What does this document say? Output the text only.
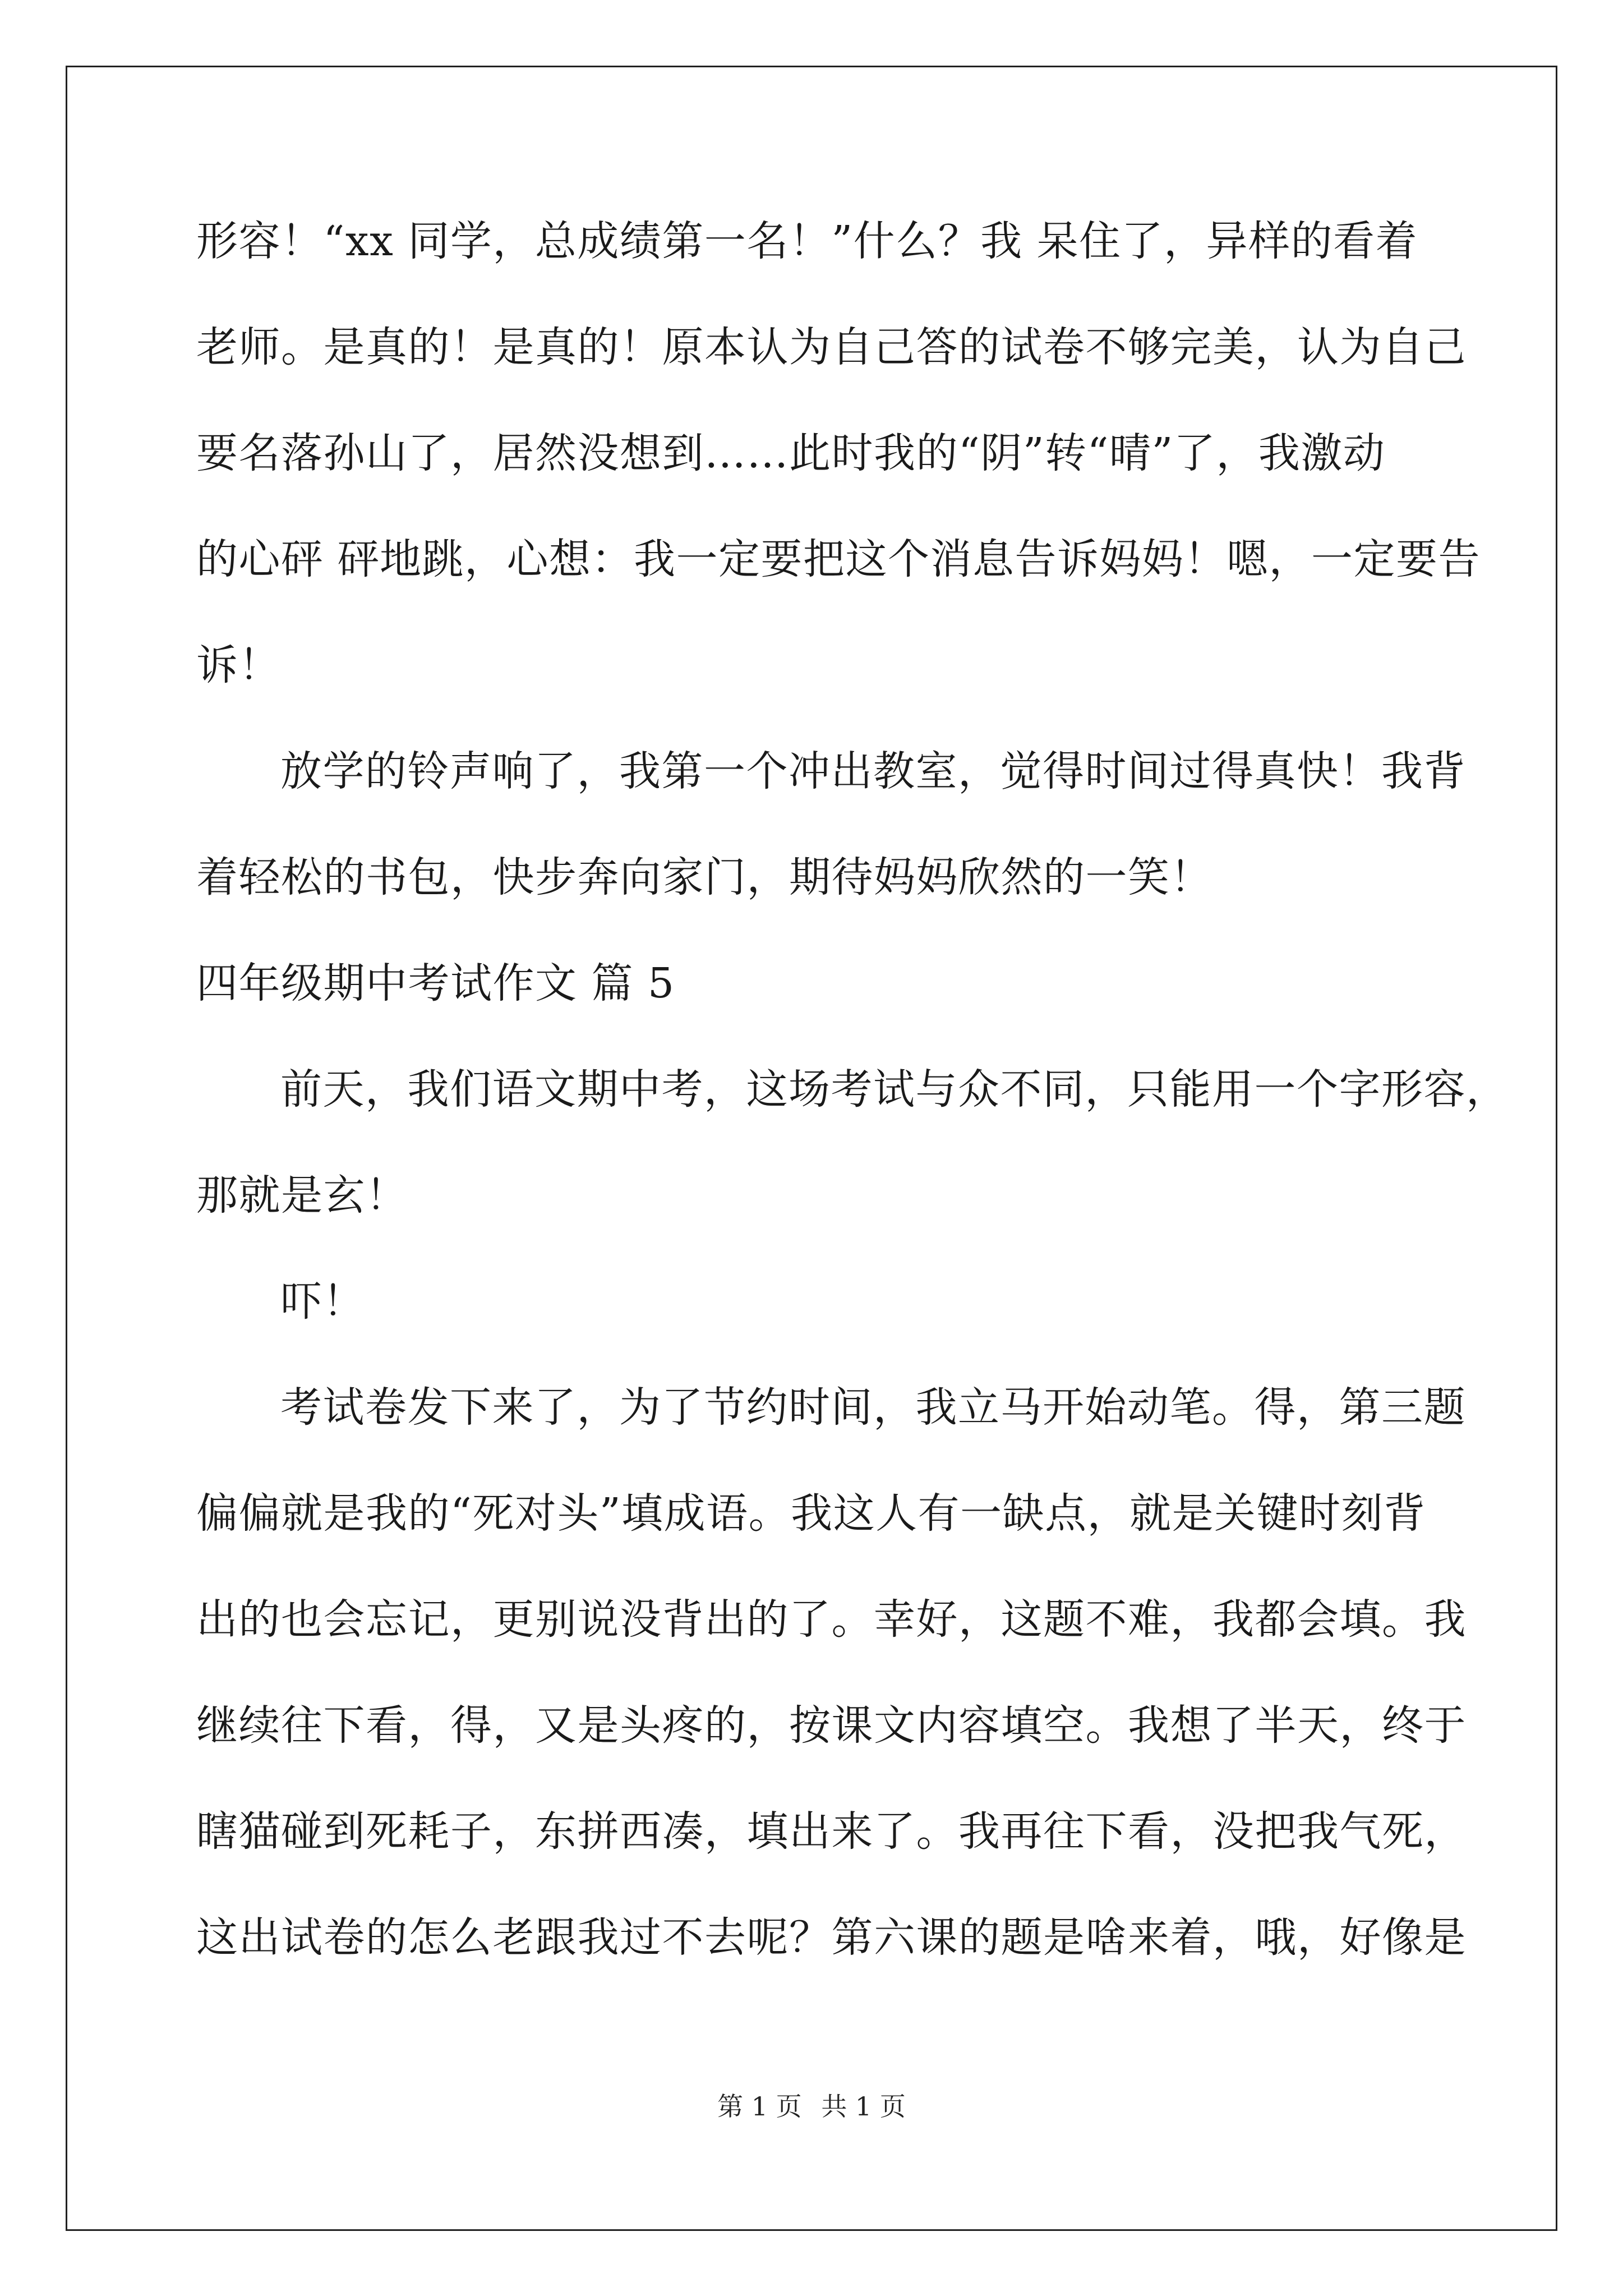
形容！“xx 同学，总成绩第一名！”什么？我 呆住了，异样的看着
老师。是真的！是真的！原本认为自己答的试卷不够完美，认为自己
要名落孙山了，居然没想到……此时我的“阴”转“晴”了，我激动
的心砰 砰地跳，心想：我一定要把这个消息告诉妈妈！嗯，一定要告
诉！
放学的铃声响了，我第一个冲出教室，觉得时间过得真快！我背
着轻松的书包，快步奔向家门，期待妈妈欣然的一笑！
四年级期中考试作文 篇 5
前天，我们语文期中考，这场考试与众不同，只能用一个字形容，
那就是玄！
吓！
考试卷发下来了，为了节约时间，我立马开始动笔。得，第三题
偏偏就是我的“死对头”填成语。我这人有一缺点，就是关键时刻背
出的也会忘记，更别说没背出的了。幸好，这题不难，我都会填。我
继续往下看，得，又是头疼的，按课文内容填空。我想了半天，终于
瞎猫碰到死耗子，东拼西凑，填出来了。我再往下看，没把我气死，
这出试卷的怎么老跟我过不去呢？第六课的题是啥来着，哦，好像是
第 1 页 共 1 页
